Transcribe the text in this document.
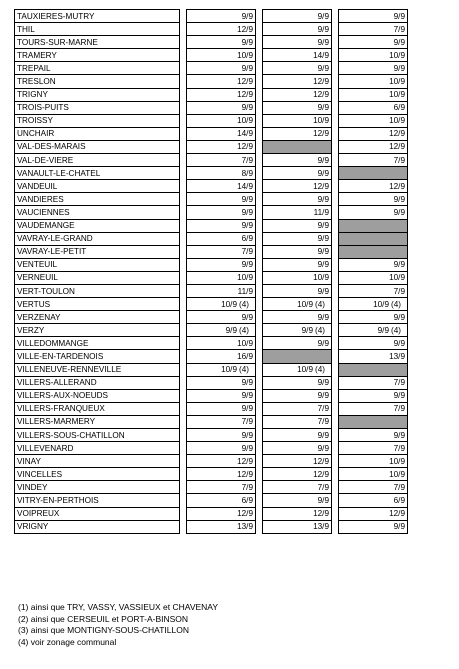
TAUXIERES-MUTRY		9/9		9/9		9/9

THIL		12/9		9/9		7/9

TOURS-SUR-MARNE		9/9		9/9		9/9

TRAMERY		10/9		14/9		10/9

TREPAIL		9/9		9/9		9/9

TRESLON		12/9		12/9		10/9

TRIGNY		12/9		12/9		10/9

TROIS-PUITS		9/9		9/9		6/9

TROISSY		10/9		10/9		10/9

UNCHAIR		14/9		12/9		12/9

VAL-DES-MARAIS		12/9				12/9

VAL-DE-VIERE		7/9		9/9		7/9

VANAULT-LE-CHATEL		8/9		9/9		

VANDEUIL		14/9		12/9		12/9

VANDIERES		9/9		9/9		9/9

VAUCIENNES		9/9		11/9		9/9

VAUDEMANGE		9/9		9/9		

VAVRAY-LE-GRAND		6/9		9/9		

VAVRAY-LE-PETIT		7/9		9/9		

VENTEUIL		9/9		9/9		9/9

VERNEUIL		10/9		10/9		10/9

VERT-TOULON		11/9		9/9		7/9

VERTUS		10/9 (4)		10/9 (4)		10/9 (4)

VERZENAY		9/9		9/9		9/9

VERZY		9/9 (4)		9/9 (4)		9/9 (4)

VILLEDOMMANGE		10/9		9/9		9/9

VILLE-EN-TARDENOIS		16/9				13/9

VILLENEUVE-RENNEVILLE		10/9 (4)		10/9 (4)		

VILLERS-ALLERAND		9/9		9/9		7/9

VILLERS-AUX-NOEUDS		9/9		9/9		9/9

VILLERS-FRANQUEUX		9/9		7/9		7/9

VILLERS-MARMERY		7/9		7/9		

VILLERS-SOUS-CHATILLON		9/9		9/9		9/9

VILLEVENARD		9/9		9/9		7/9

VINAY		12/9		12/9		10/9

VINCELLES		12/9		12/9		10/9

VINDEY		7/9		7/9		7/9

VITRY-EN-PERTHOIS		6/9		9/9		6/9

VOIPREUX		12/9		12/9		12/9

VRIGNY		13/9		13/9		9/9
(1) ainsi que TRY, VASSY, VASSIEUX et CHAVENAY
(2) ainsi que CERSEUIL et PORT-A-BINSON
(3) ainsi que MONTIGNY-SOUS-CHATILLON
(4) voir zonage communal
